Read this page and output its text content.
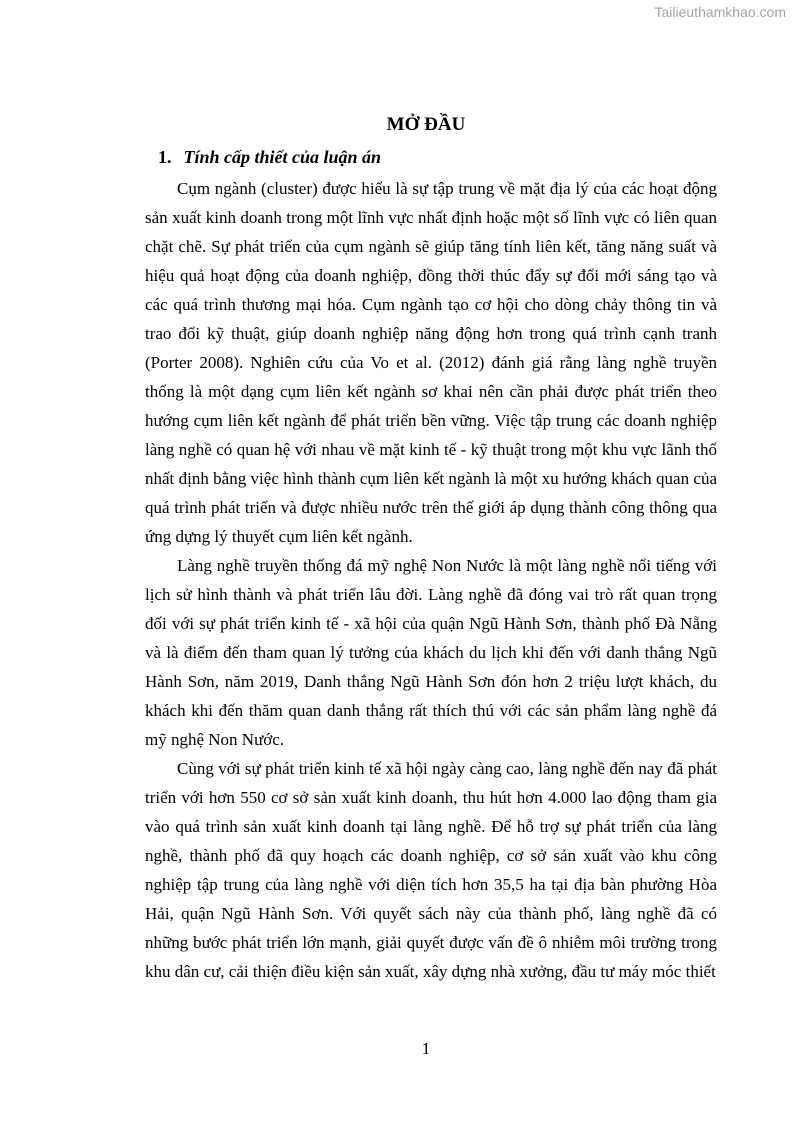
Tailieuthamkhao.com
MỞ ĐẦU
1. Tính cấp thiết của luận án

Cụm ngành (cluster) được hiểu là sự tập trung về mặt địa lý của các hoạt động sản xuất kinh doanh trong một lĩnh vực nhất định hoặc một số lĩnh vực có liên quan chặt chẽ. Sự phát triển của cụm ngành sẽ giúp tăng tính liên kết, tăng năng suất và hiệu quả hoạt động của doanh nghiệp, đồng thời thúc đẩy sự đổi mới sáng tạo và các quá trình thương mại hóa. Cụm ngành tạo cơ hội cho dòng chảy thông tin và trao đổi kỹ thuật, giúp doanh nghiệp năng động hơn trong quá trình cạnh tranh (Porter 2008). Nghiên cứu của Vo et al. (2012) đánh giá rằng làng nghề truyền thống là một dạng cụm liên kết ngành sơ khai nên cần phải được phát triển theo hướng cụm liên kết ngành để phát triển bền vững. Việc tập trung các doanh nghiệp làng nghề có quan hệ với nhau về mặt kinh tế - kỹ thuật trong một khu vực lãnh thổ nhất định bằng việc hình thành cụm liên kết ngành là một xu hướng khách quan của quá trình phát triển và được nhiều nước trên thế giới áp dụng thành công thông qua ứng dựng lý thuyết cụm liên kết ngành.

Làng nghề truyền thống đá mỹ nghệ Non Nước là một làng nghề nổi tiếng với lịch sử hình thành và phát triển lâu đời. Làng nghề đã đóng vai trò rất quan trọng đối với sự phát triển kinh tế - xã hội của quận Ngũ Hành Sơn, thành phố Đà Nẵng và là điểm đến tham quan lý tưởng của khách du lịch khi đến với danh thắng Ngũ Hành Sơn, năm 2019, Danh thắng Ngũ Hành Sơn đón hơn 2 triệu lượt khách, du khách khi đến thăm quan danh thắng rất thích thú với các sản phẩm làng nghề đá mỹ nghệ Non Nước.

Cùng với sự phát triển kinh tế xã hội ngày càng cao, làng nghề đến nay đã phát triển với hơn 550 cơ sở sản xuất kinh doanh, thu hút hơn 4.000 lao động tham gia vào quá trình sản xuất kinh doanh tại làng nghề. Để hỗ trợ sự phát triển của làng nghề, thành phố đã quy hoạch các doanh nghiệp, cơ sở sản xuất vào khu công nghiệp tập trung của làng nghề với diện tích hơn 35,5 ha tại địa bàn phường Hòa Hải, quận Ngũ Hành Sơn. Với quyết sách này của thành phố, làng nghề đã có những bước phát triển lớn mạnh, giải quyết được vấn đề ô nhiễm môi trường trong khu dân cư, cải thiện điều kiện sản xuất, xây dựng nhà xưởng, đầu tư máy móc thiết

1
